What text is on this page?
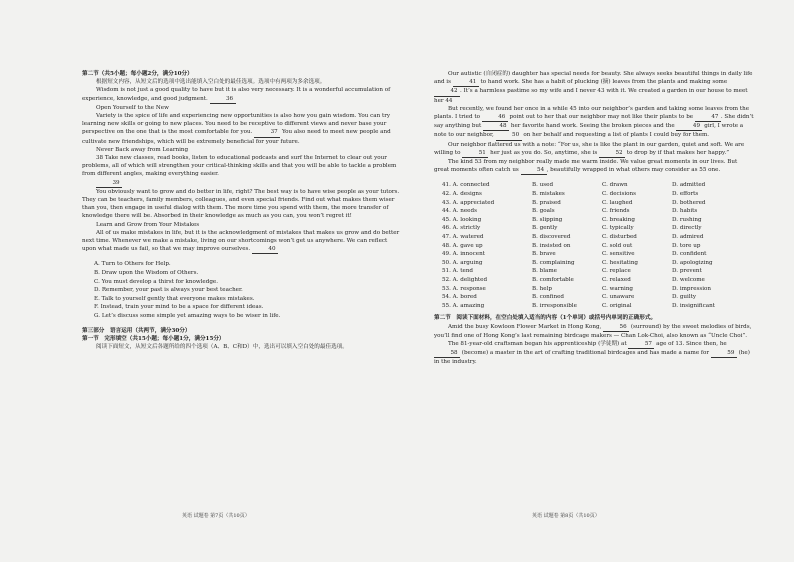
第二节（共5小题；每小题2分，满分10分）

根据短文内容，从短文后的选项中选出能填入空白处的最佳选项。选项中有两项为多余选项。

Wisdom is not just a good quality to have but it is also very necessary. It is a wonderful accumulation of experience, knowledge, and good judgment.	36

Open Yourself to the New

Variety is the spice of life and experiencing new opportunities is also how you gain wisdom. You can try learning new skills or going to new places. You need to be receptive to different views and never base your perspective on the one that is the most comfortable for you.	37 You also need to meet new people and cultivate new friendships, which will be extremely beneficial for your future.

Never Back away from Learning

38 Take new classes, read books, listen to educational podcasts and surf the Internet to clear out your problems, all of which will strengthen your critical-thinking skills and that you will be able to tackle a problem from different angles, making everything easier.

39

You obviously want to grow and do better in life, right? The best way is to have wise people as your tutors. They can be teachers, family members, colleagues, and even special friends. Find out what makes them wiser than you, then engage in useful dialog with them. The more time you spend with them, the more transfer of knowledge there will be. Absorbed in their knowledge as much as you can, you won’t regret it!

Learn and Grow from Your Mistakes

All of us make mistakes in life, but it is the acknowledgment of mistakes that makes us grow and do better next time. Whenever we make a mistake, living on our shortcomings won’t get us anywhere. We can reflect upon what made us fail, so that we may improve ourselves.	40

A. Turn to Others for Help.

B. Draw upon the Wisdom of Others.

C. You must develop a thirst for knowledge.

D. Remember, your past is always your best teacher.

E. Talk to yourself gently that everyone makes mistakes.

F. Instead, train your mind to be a space for different ideas.

G. Let’s discuss some simple yet amazing ways to be wiser in life.

第三部分　语言运用（共两节，满分30分）

第一节　完形填空（共15小题；每小题1分，满分15分）

阅读下面短文，从短文后各题所给的四个选项（A、B、C和D）中，选出可以填入空白处的最佳选项。

Our autistic (自闭症的) daughter has special needs for beauty. She always seeks beautiful things in daily life and is	41 to hand work. She has a habit of plucking (摘) leaves from the plants and making some 42 . It’s a harmless pastime so my wife and I never 43 with it. We created a garden in our house to meet her 44

But recently, we found her once in a while 45 into our neighbor’s garden and taking some leaves from the plants. I tried to	46 point out to her that our neighbor may not like their plants to be	47 . She didn’t say anything but	48 her favorite hand work. Seeing the broken pieces and the	49 girl, I wrote a note to our neighbor,	50 on her behalf and requesting a list of plants I could buy for them.

Our neighbor flattered us with a note: “For us, she is like the plant in our garden, quiet and soft. We are willing to	51 her just as you do. So, anytime, she is	52 to drop by if that makes her happy.”

The kind 53 from my neighbor really made me warm inside. We value great moments in our lives. But great moments often catch us	54 , beautifully wrapped in what others may consider as 55 one.

41. A. connected	B. used	C. drawn	D. admitted
42. A. designs	B. mistakes	C. decisions	D. efforts
43. A. appreciated	B. praised	C. laughed	D. bothered
44. A. needs	B. goals	C. friends	D. habits
45. A. looking	B. slipping	C. breaking	D. rushing
46. A. strictly	B. gently	C. typically	D. directly
47. A. watered	B. discovered	C. disturbed	D. admired
48. A. gave up	B. insisted on	C. sold out	D. tore up
49. A. innocent	B. brave	C. sensitive	D. confident
50. A. arguing	B. complaining	C. hesitating	D. apologizing
51. A. tend	B. blame	C. replace	D. prevent
52. A. delighted	B. comfortable	C. relaxed	D. welcome
53. A. response	B. help	C. warning	D. impression
54. A. bored	B. confined	C. unaware	D. guilty
55. A. amazing	B. irresponsible	C. original	D. insignificant

第二节　阅读下面材料，在空白处填入适当的内容（1个单词）或括号内单词的正确形式。

Amid the busy Kowloon Flower Market in Hong Kong,	56 (surround) by the sweet melodies of birds, you’ll find one of Hong Kong’s last remaining birdcage makers — Chan Lok-Choi, also known as “Uncle Choi”.

The 81-year-old craftsman began his apprenticeship (学徒期) at	57 age of 13. Since then, he 58 (become) a master in the art of crafting traditional birdcages and has made a name for	59 (he) in the industry.

英语 试题卷 第7页（共10页）	英语 试题卷 第8页（共10页）
